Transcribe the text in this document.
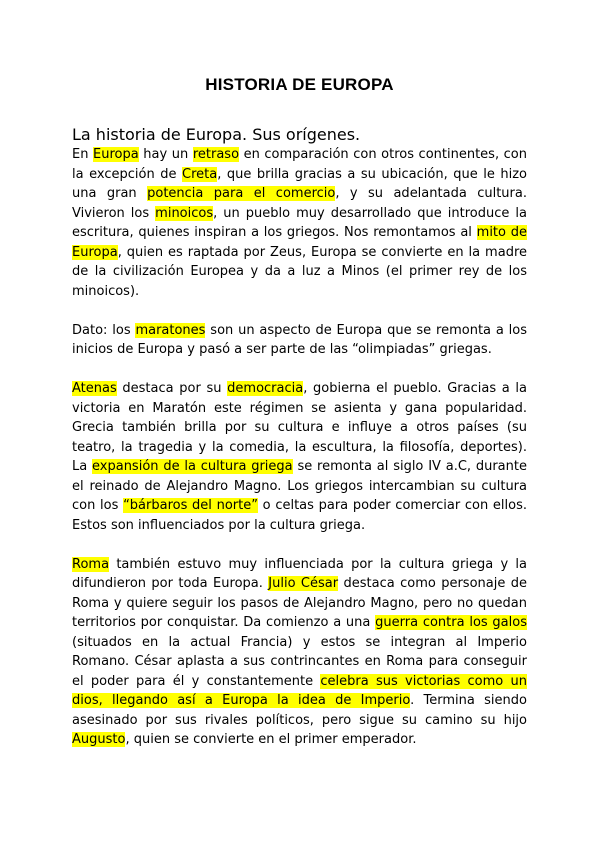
HISTORIA DE EUROPA
La historia de Europa. Sus orígenes.

En Europa hay un retraso en comparación con otros continentes, con la excepción de Creta, que brilla gracias a su ubicación, que le hizo una gran potencia para el comercio, y su adelantada cultura. Vivieron los minoicos, un pueblo muy desarrollado que introduce la escritura, quienes inspiran a los griegos. Nos remontamos al mito de Europa, quien es raptada por Zeus, Europa se convierte en la madre de la civilización Europea y da a luz a Minos (el primer rey de los minoicos).

Dato: los maratones son un aspecto de Europa que se remonta a los inicios de Europa y pasó a ser parte de las “olimpiadas” griegas.

Atenas destaca por su democracia, gobierna el pueblo. Gracias a la victoria en Maratón este régimen se asienta y gana popularidad. Grecia también brilla por su cultura e influye a otros países (su teatro, la tragedia y la comedia, la escultura, la filosofía, deportes). La expansión de la cultura griega se remonta al siglo IV a.C, durante el reinado de Alejandro Magno. Los griegos intercambian su cultura con los “bárbaros del norte” o celtas para poder comerciar con ellos. Estos son influenciados por la cultura griega.

Roma también estuvo muy influenciada por la cultura griega y la difundieron por toda Europa. Julio César destaca como personaje de Roma y quiere seguir los pasos de Alejandro Magno, pero no quedan territorios por conquistar. Da comienzo a una guerra contra los galos (situados en la actual Francia) y estos se integran al Imperio Romano. César aplasta a sus contrincantes en Roma para conseguir el poder para él y constantemente celebra sus victorias como un dios, llegando así a Europa la idea de Imperio. Termina siendo asesinado por sus rivales políticos, pero sigue su camino su hijo Augusto, quien se convierte en el primer emperador.
